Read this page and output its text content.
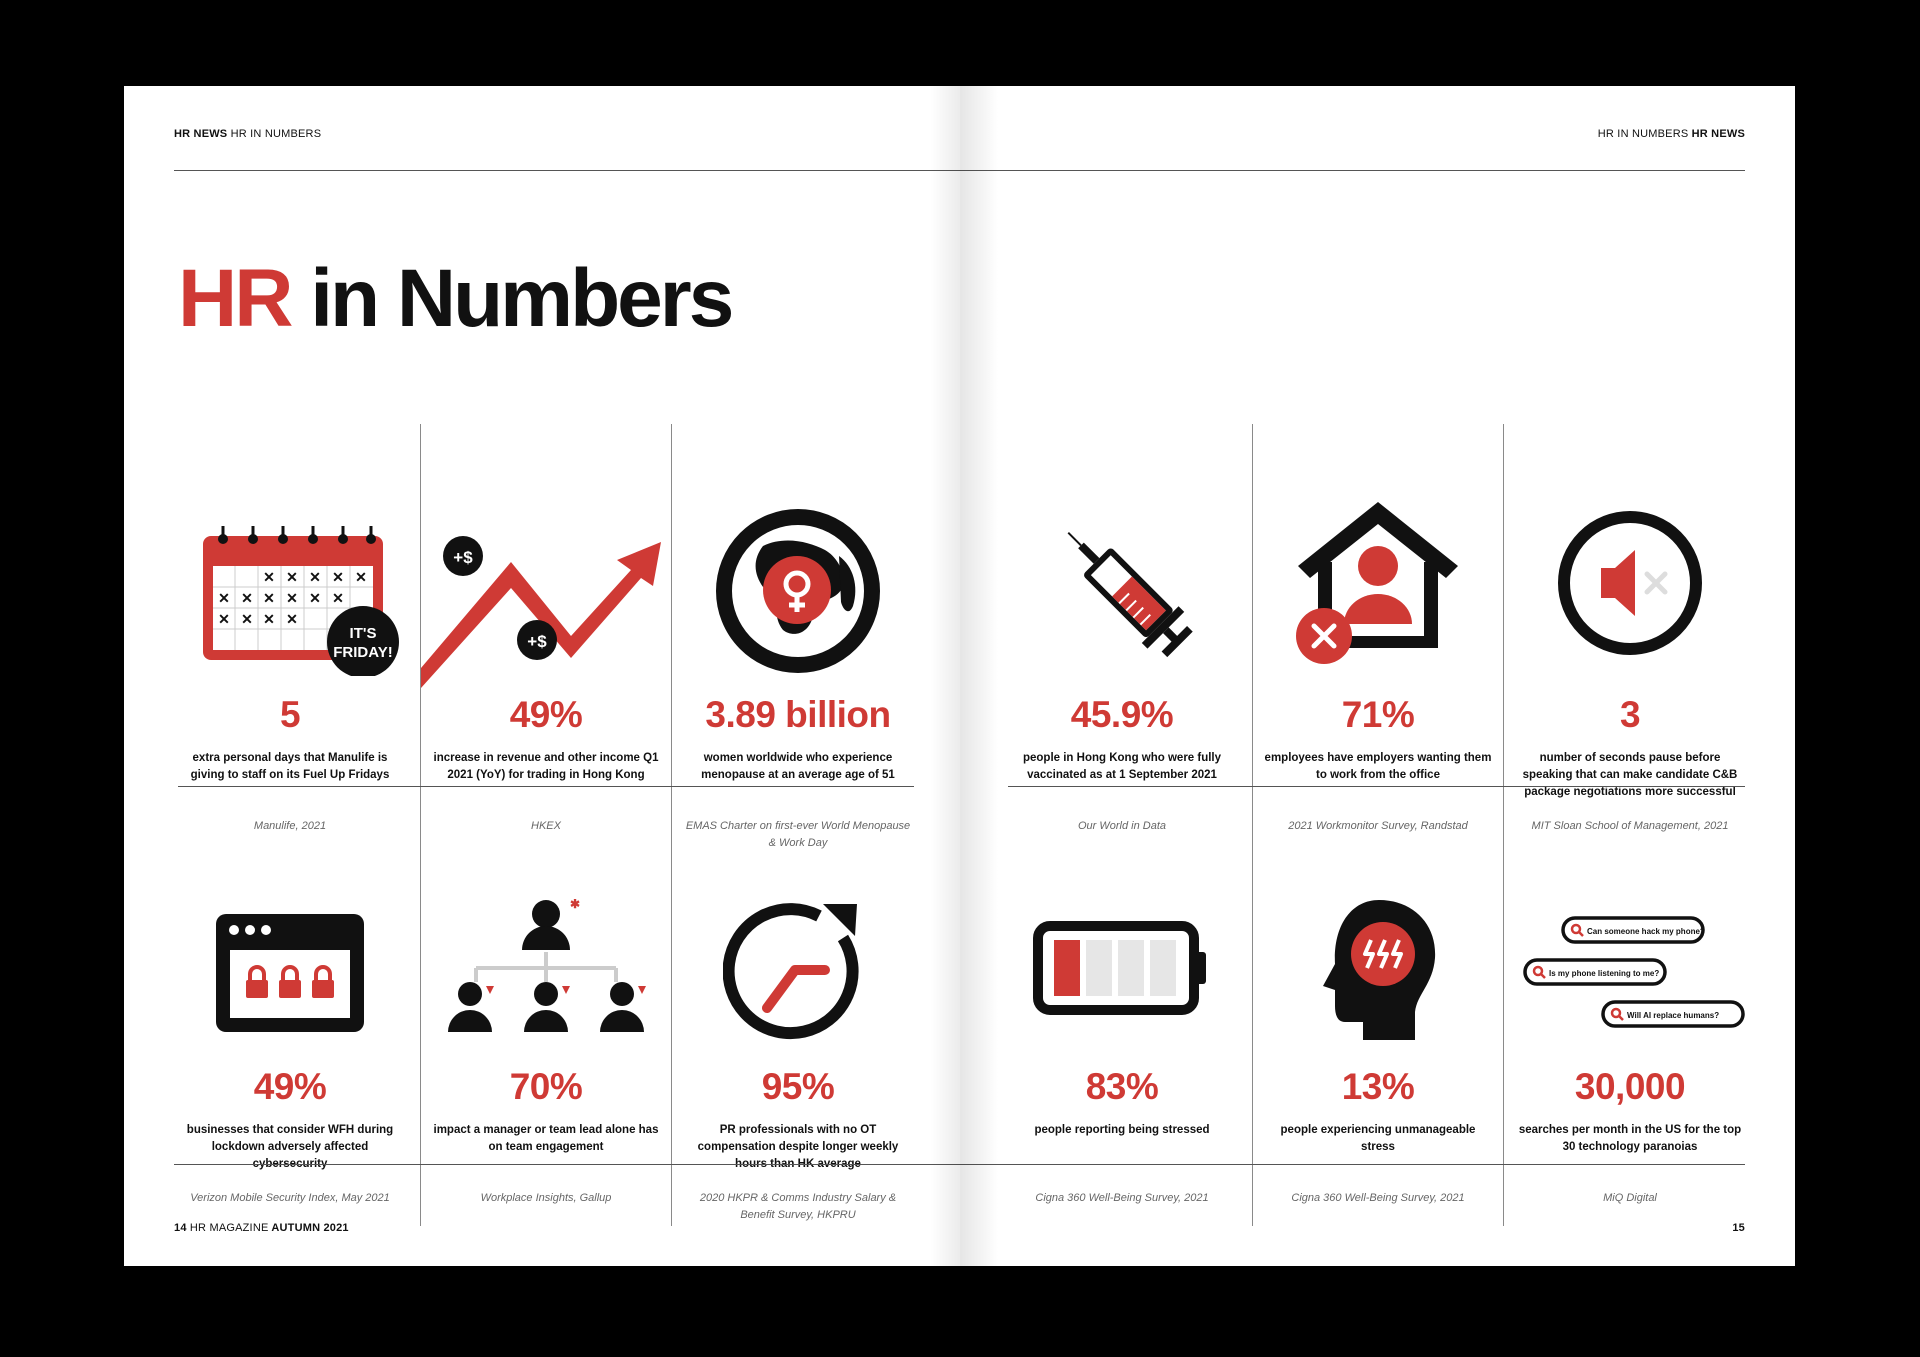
HR NEWS HR IN NUMBERS
HR in Numbers
✕ ✕ ✕ ✕ ✕
✕ ✕ ✕ ✕ ✕ ✕
✕ ✕ ✕ ✕
IT'S
FRIDAY!
5
extra personal days that Manulife is giving to staff on its Fuel Up Fridays
Manulife, 2021
+$
+$
49%
increase in revenue and other income Q1 2021 (YoY) for trading in Hong Kong
HKEX
3.89 billion
women worldwide who experience menopause at an average age of 51
EMAS Charter on first-ever World Menopause & Work Day
49%
businesses that consider WFH during lockdown adversely affected cybersecurity
Verizon Mobile Security Index, May 2021
✱
70%
impact a manager or team lead alone has on team engagement
Workplace Insights, Gallup
95%
PR professionals with no OT compensation despite longer weekly hours than HK average
2020 HKPR & Comms Industry Salary & Benefit Survey, HKPRU
14 HR MAGAZINE AUTUMN 2021
HR IN NUMBERS HR NEWS
45.9%
people in Hong Kong who were fully vaccinated as at 1 September 2021
Our World in Data
71%
employees have employers wanting them to work from the office
2021 Workmonitor Survey, Randstad
3
number of seconds pause before speaking that can make candidate C&B package negotiations more successful
MIT Sloan School of Management, 2021
83%
people reporting being stressed
Cigna 360 Well-Being Survey, 2021
13%
people experiencing unmanageable stress
Cigna 360 Well-Being Survey, 2021
Can someone hack my phone?
Is my phone listening to me?
Will AI replace humans?
30,000
searches per month in the US for the top 30 technology paranoias
MiQ Digital
15
